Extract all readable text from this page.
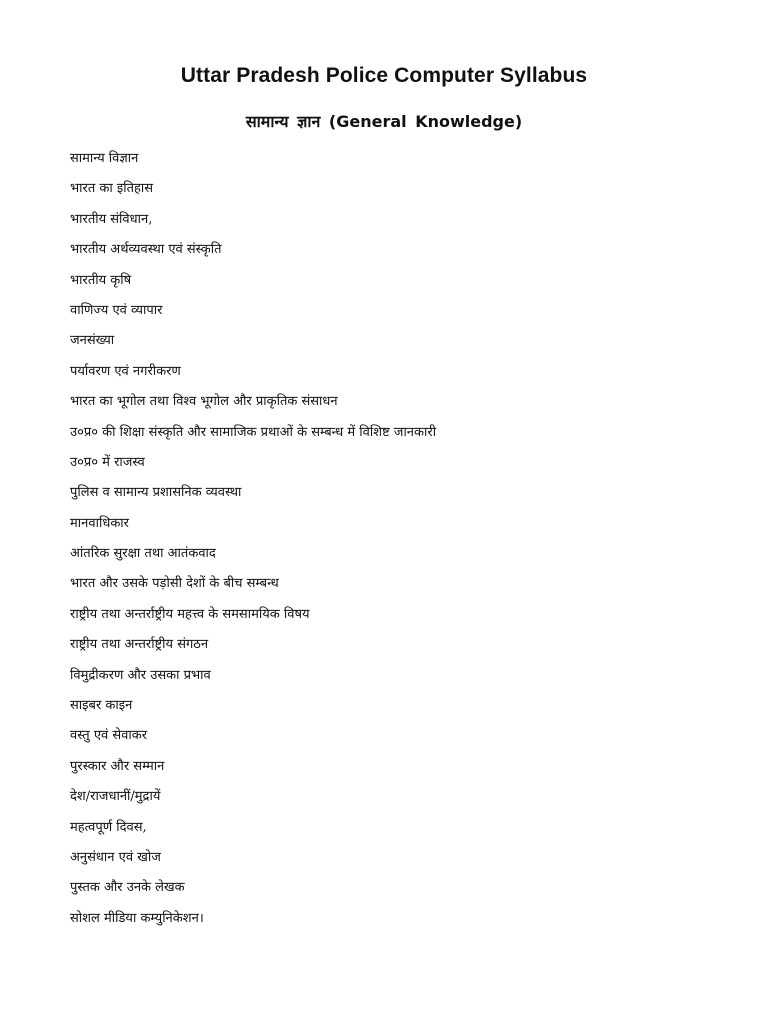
Uttar Pradesh Police Computer Syllabus
सामान्य ज्ञान (General Knowledge)
सामान्य विज्ञान
भारत का इतिहास
भारतीय संविधान,
भारतीय अर्थव्यवस्था एवं संस्कृति
भारतीय कृषि
वाणिज्य एवं व्यापार
जनसंख्या
पर्यावरण एवं नगरीकरण
भारत का भूगोल तथा विश्व भूगोल और प्राकृतिक संसाधन
उ०प्र० की शिक्षा संस्कृति और सामाजिक प्रथाओं के सम्बन्ध में विशिष्ट जानकारी
उ०प्र० में राजस्व
पुलिस व सामान्य प्रशासनिक व्यवस्था
मानवाधिकार
आंतरिक सुरक्षा तथा आतंकवाद
भारत और उसके पड़ोसी देशों के बीच सम्बन्ध
राष्ट्रीय तथा अन्तर्राष्ट्रीय महत्त्व के समसामयिक विषय
राष्ट्रीय तथा अन्तर्राष्ट्रीय संगठन
विमुद्रीकरण और उसका प्रभाव
साइबर काइन
वस्तु एवं सेवाकर
पुरस्कार और सम्मान
देश/राजधानीं/मुद्रायें
महत्वपूर्ण दिवस,
अनुसंधान एवं खोज
पुस्तक और उनके लेखक
सोशल मीडिया कम्युनिकेशन।
